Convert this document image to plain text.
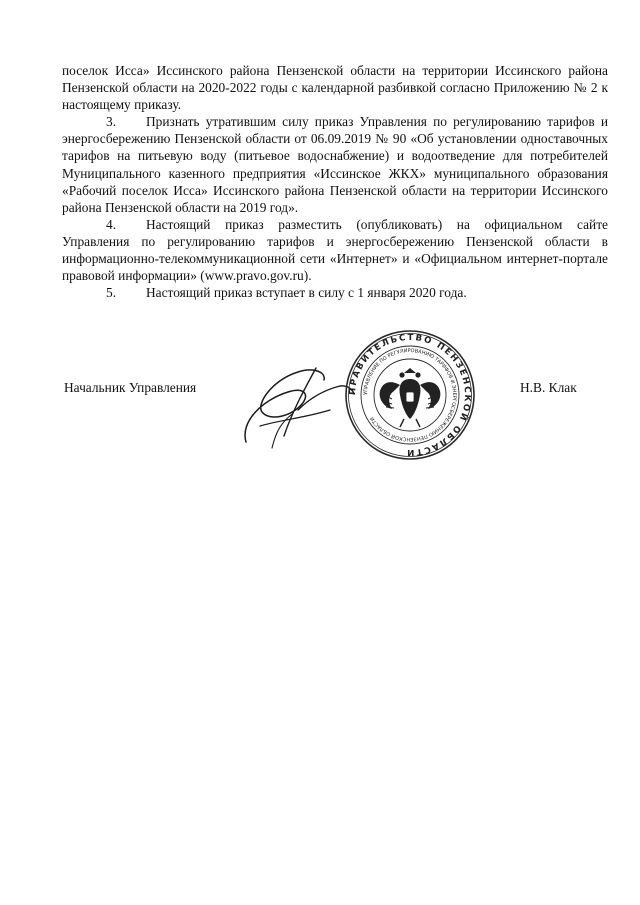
поселок Исса» Иссинского района Пензенской области на территории Иссинского района Пензенской области на 2020-2022 годы с календарной разбивкой согласно Приложению № 2 к настоящему приказу.

3. Признать утратившим силу приказ Управления по регулированию тарифов и энергосбережению Пензенской области от 06.09.2019 № 90 «Об установлении одноставочных тарифов на питьевую воду (питьевое водоснабжение) и водоотведение для потребителей Муниципального казенного предприятия «Иссинское ЖКХ» муниципального образования «Рабочий поселок Исса» Иссинского района Пензенской области на территории Иссинского района Пензенской области на 2019 год».

4. Настоящий приказ разместить (опубликовать) на официальном сайте Управления по регулированию тарифов и энергосбережению Пензенской области в информационно-телекоммуникационной сети «Интернет» и «Официальном интернет-портале правовой информации» (www.pravo.gov.ru).

5. Настоящий приказ вступает в силу с 1 января 2020 года.

Начальник Управления	ПРАВИТЕЛЬСТВО ПЕНЗЕНСКОЙ ОБЛАСТИ
УПРАВЛЕНИЕ ПО РЕГУЛИРОВАНИЮ ТАРИФОВ И ЭНЕРГОСБЕРЕЖЕНИЮ ПЕНЗЕНСКОЙ ОБЛАСТИ
Н.В. Клак
